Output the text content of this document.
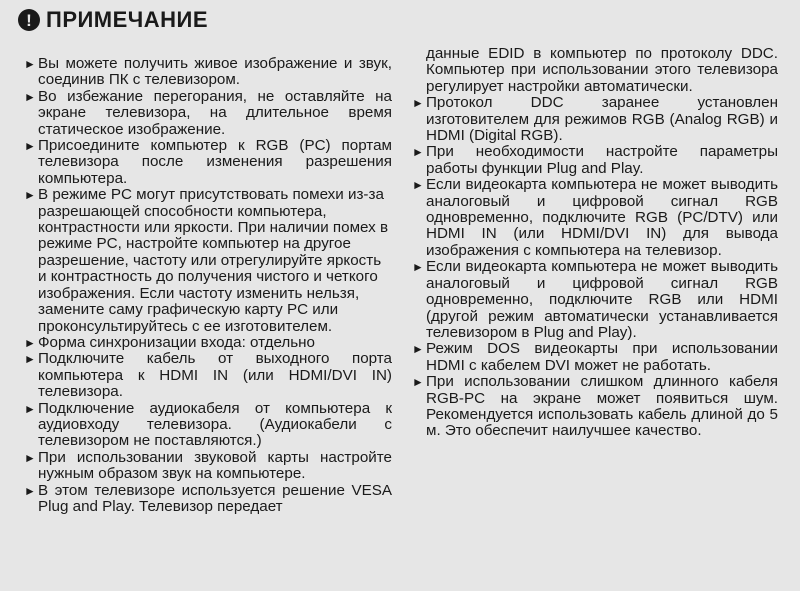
! ПРИМЕЧАНИЕ
► Вы можете получить живое изображение и звук, соединив ПК с телевизором.
► Во избежание перегорания, не оставляйте на экране телевизора, на длительное время статическое изображение.
► Присоедините компьютер к RGB (PC) портам телевизора после изменения разрешения компьютера.
► В режиме PC могут присутствовать помехи из-за разрешающей способности компьютера, контрастности или яркости. При наличии помех в режиме PC, настройте компьютер на другое разрешение, частоту или отрегулируйте яркость и контрастность до получения чистого и четкого изображения. Если частоту изменить нельзя, замените саму графическую карту PC или проконсультируйтесь с ее изготовителем.
► Форма синхронизации входа: отдельно
► Подключите кабель от выходного порта компьютера к HDMI IN (или HDMI/DVI IN) телевизора.
► Подключение аудиокабеля от компьютера к аудиовходу телевизора. (Аудиокабели с телевизором не поставляются.)
► При использовании звуковой карты настройте нужным образом звук на компьютере.
► В этом телевизоре используется решение VESA Plug and Play. Телевизор передает
данные EDID в компьютер по протоколу DDC. Компьютер при использовании этого телевизора регулирует настройки автоматически.
► Протокол DDC заранее установлен изготовителем для режимов RGB (Analog RGB) и HDMI (Digital RGB).
► При необходимости настройте параметры работы функции Plug and Play.
► Если видеокарта компьютера не может выводить аналоговый и цифровой сигнал RGB одновременно, подключите RGB (PC/DTV) или HDMI IN (или HDMI/DVI IN) для вывода изображения с компьютера на телевизор.
► Если видеокарта компьютера не может выводить аналоговый и цифровой сигнал RGB одновременно, подключите RGB или HDMI (другой режим автоматически устанавливается телевизором в Plug and Play).
► Режим DOS видеокарты при использовании HDMI с кабелем DVI может не работать.
► При использовании слишком длинного кабеля RGB-PC на экране может появиться шум. Рекомендуется использовать кабель длиной до 5 м. Это обеспечит наилучшее качество.
